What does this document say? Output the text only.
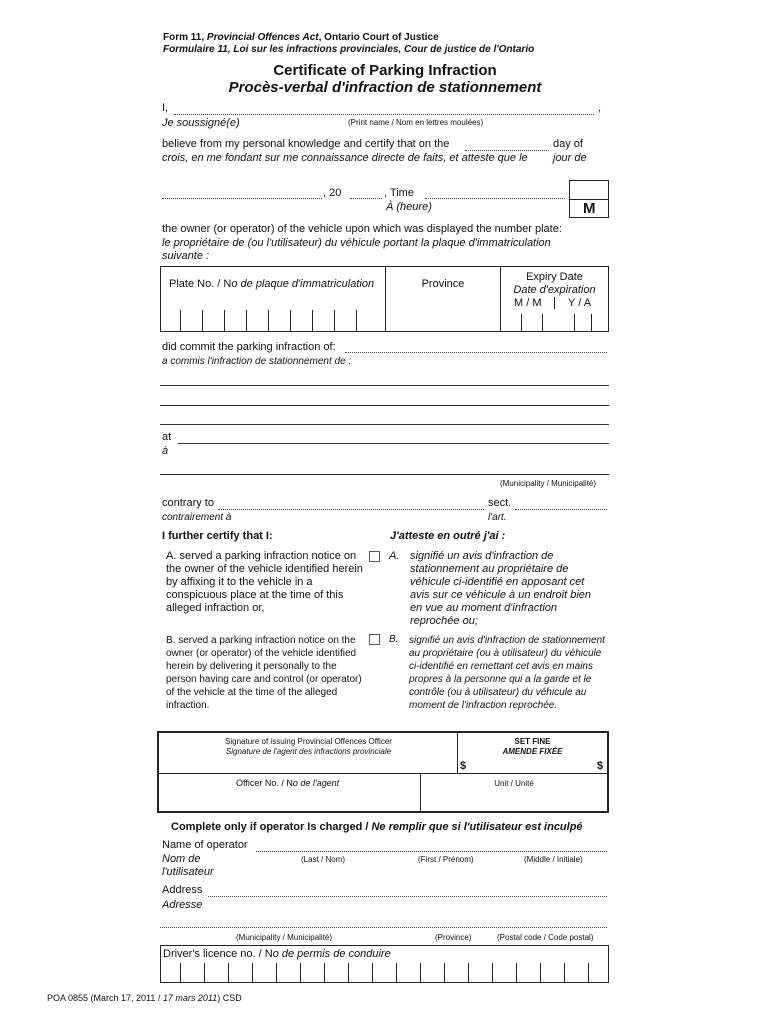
Form 11, Provincial Offences Act, Ontario Court of Justice
Formulaire 11, Loi sur les infractions provinciales, Cour de justice de l'Ontario
Certificate of Parking Infraction
Procès-verbal d'infraction de stationnement
I,	,
Je soussigné(e)	(Print name / Nom en lettres moulées)
believe from my personal knowledge and certify that on the	day of
crois, en me fondant sur me connaissance directe de faits, et atteste que le	jour de
, 20	, Time
À (heure)	M
the owner (or operator) of the vehicle upon which was displayed the number plate:
le propriétaire de (ou l'utilisateur) du véhicule portant la plaque d'immatriculation suivante :
Plate No. / No de plaque d'immatriculation	Province
Expiry Date
Date d'expiration
M / M Y / A
did commit the parking infraction of:
a commis l'infraction de stationnement de :
at
à
(Municipality / Municipalité)
contrary to	sect.
contrairement à	l'art.
I further certify that I:	J'atteste en outré j'ai :
A. served a parking infraction notice on the owner of the vehicle identified herein by affixing it to the vehicle in a conspicuous place at the time of this alleged infraction or,
A. signifié un avis d'infraction de stationnement au propriétaire de véhicule ci-identifié en apposant cet avis sur ce véhicule à un endroit bien en vue au moment d'infraction reprochée ou;
B. served a parking infraction notice on the owner (or operator) of the vehicle identified herein by delivering it personally to the person having care and control (or operator) of the vehicle at the time of the alleged infraction.
B. signifié un avis d'infraction de stationnement au propriétaire (ou à utilisateur) du véhicule ci-identifié en remettant cet avis en mains propres à la personne qui a la garde et le contrôle (ou à utilisateur) du véhicule au moment de l'infraction reprochée.
Signature of issuing Provincial Offences Officer
Signature de l'agent des infractions provinciale
SET FINE
AMENDE FIXÉE
$	$
Officer No. / No de l'agent	Unit / Unité
Complete only if operator Is charged / Ne remplir que si l'utilisateur est inculpé
Name of operator
Nom de l'utilisateur
(Last / Nom)	(First / Prénom)	(Middle / Initiale)
Address
Adresse
(Municipality / Municipalité)	(Province)	(Postal code / Code postal)
Driver's licence no. / No de permis de conduire
POA 0855 (March 17, 2011 / 17 mars 2011) CSD
